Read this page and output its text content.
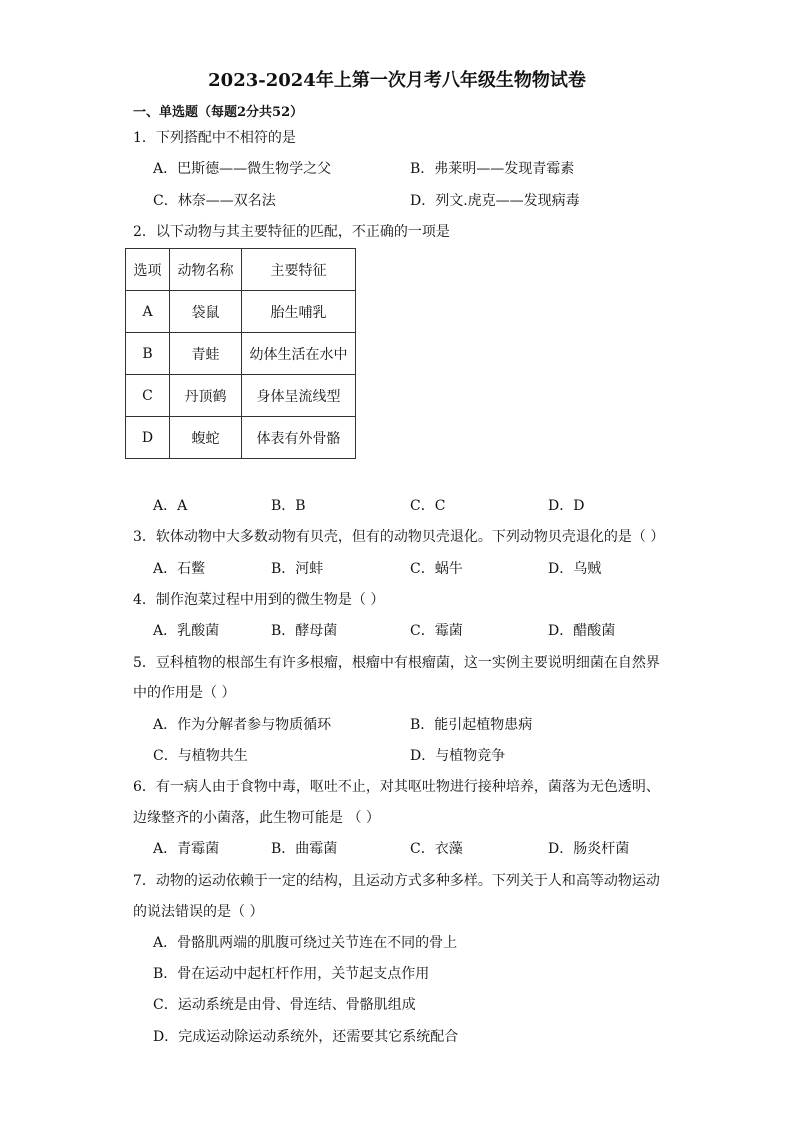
2023-2024年上第一次月考八年级生物物试卷
一、单选题（每题2分共52）
1．下列搭配中不相符的是
A．巴斯德——微生物学之父	B．弗莱明——发现青霉素
C．林奈——双名法	D．列文.虎克——发现病毒
2．以下动物与其主要特征的匹配，不正确的一项是
选项	动物名称	主要特征
A	袋鼠	胎生哺乳
B	青蛙	幼体生活在水中
C	丹顶鹤	身体呈流线型
D	蝮蛇	体表有外骨骼
A．A	B．B	C．C	D．D
3．软体动物中大多数动物有贝壳，但有的动物贝壳退化。下列动物贝壳退化的是（ ）
A．石鳖	B．河蚌	C．蜗牛	D．乌贼
4．制作泡菜过程中用到的微生物是（ ）
A．乳酸菌	B．酵母菌	C．霉菌	D．醋酸菌
5．豆科植物的根部生有许多根瘤，根瘤中有根瘤菌，这一实例主要说明细菌在自然界
中的作用是（ ）
A．作为分解者参与物质循环	B．能引起植物患病
C．与植物共生	D．与植物竞争
6．有一病人由于食物中毒，呕吐不止，对其呕吐物进行接种培养，菌落为无色透明、
边缘整齐的小菌落，此生物可能是 （ ）
A．青霉菌	B．曲霉菌	C．衣藻	D．肠炎杆菌
7．动物的运动依赖于一定的结构，且运动方式多种多样。下列关于人和高等动物运动
的说法错误的是（ ）
A．骨骼肌两端的肌腹可绕过关节连在不同的骨上
B．骨在运动中起杠杆作用，关节起支点作用
C．运动系统是由骨、骨连结、骨骼肌组成
D．完成运动除运动系统外，还需要其它系统配合
